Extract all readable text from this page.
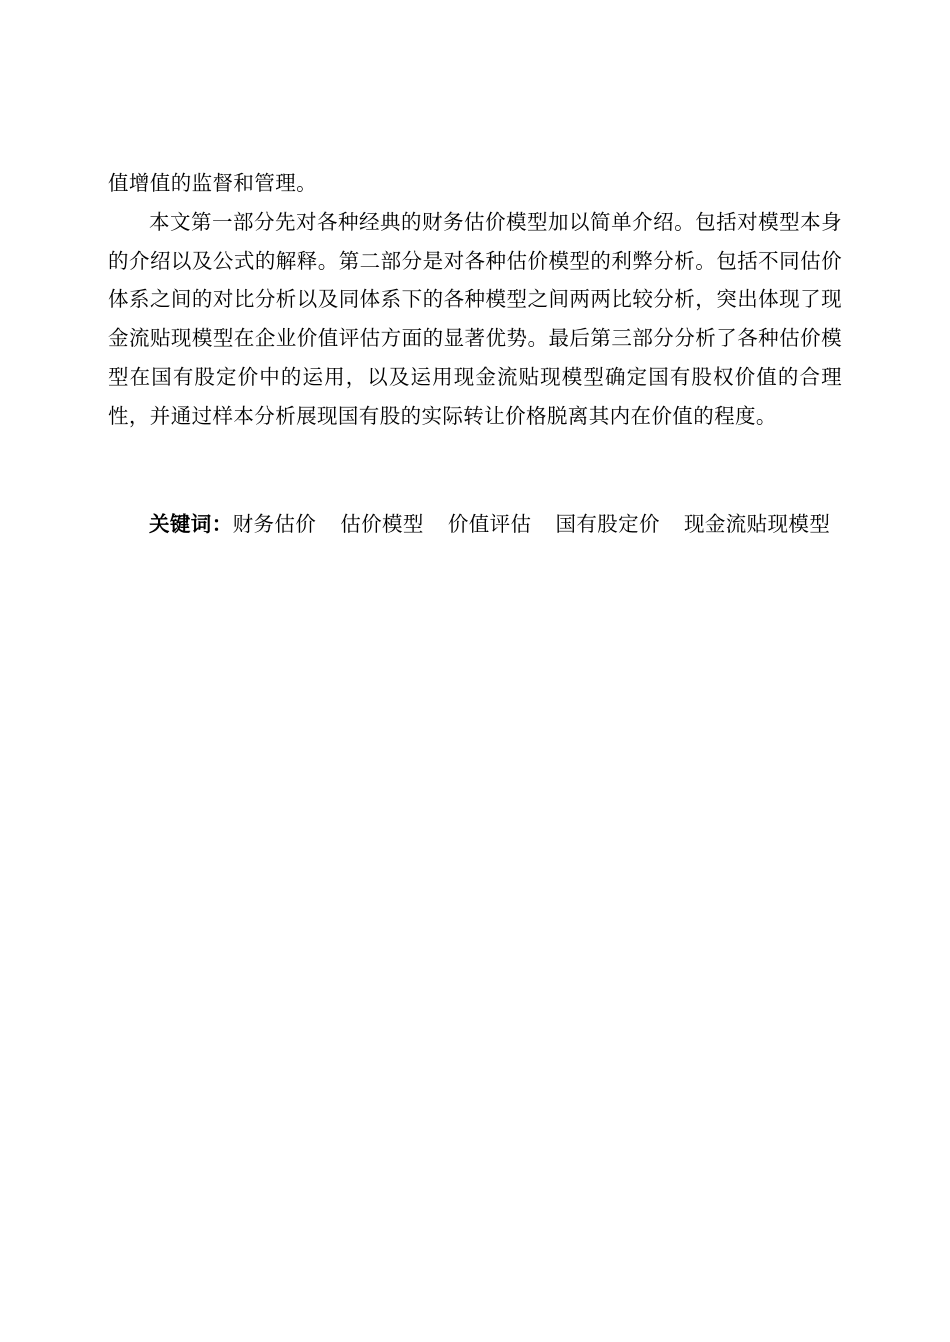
值增值的监督和管理。

本文第一部分先对各种经典的财务估价模型加以简单介绍。包括对模型本身的介绍以及公式的解释。第二部分是对各种估价模型的利弊分析。包括不同估价体系之间的对比分析以及同体系下的各种模型之间两两比较分析，突出体现了现金流贴现模型在企业价值评估方面的显著优势。最后第三部分分析了各种估价模型在国有股定价中的运用，以及运用现金流贴现模型确定国有股权价值的合理性，并通过样本分析展现国有股的实际转让价格脱离其内在价值的程度。

关键词：财务估价 估价模型 价值评估 国有股定价 现金流贴现模型
